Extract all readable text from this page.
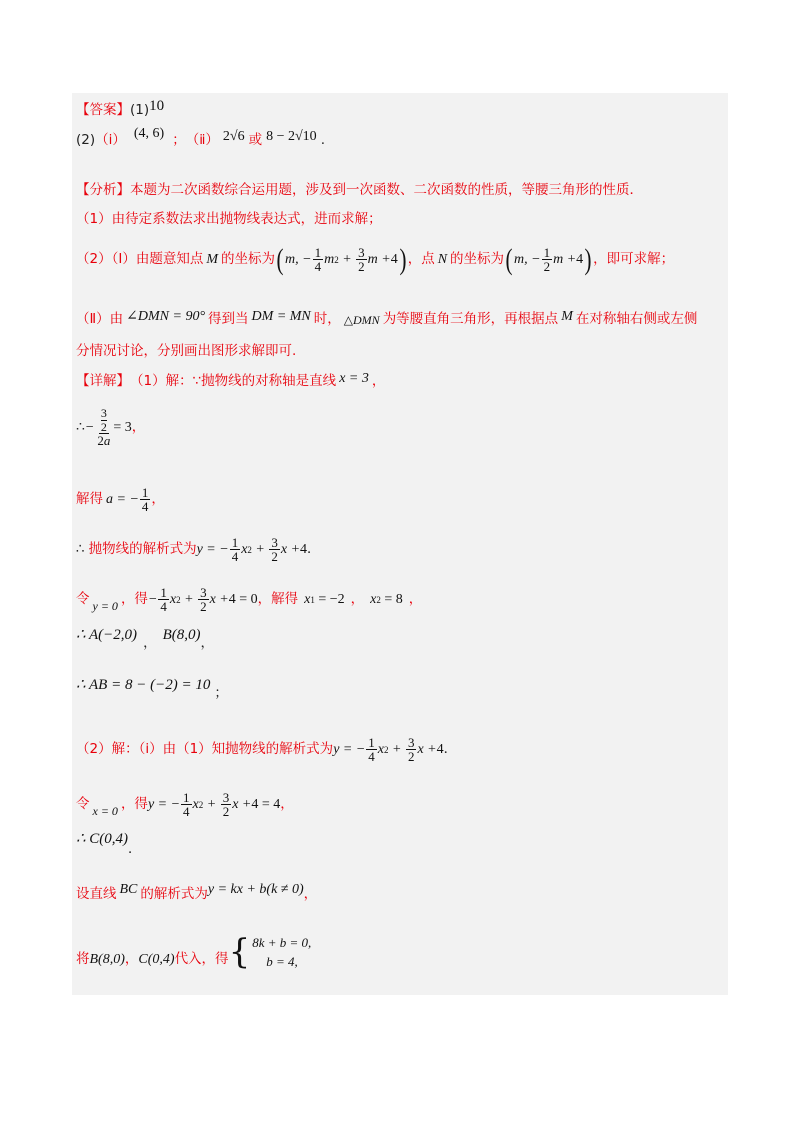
【答案】 (1) 10
(2) （ⅰ） (4, 6) ； （ⅱ） 2√6 或 8 − 2√10 .
【分析】 本题为二次函数综合运用题，涉及到一次函数、二次函数的性质，等腰三角形的性质．
（1）由待定系数法求出抛物线表达式，进而求解；
（2）（Ⅰ）由题意知点 M 的坐标为 ( m, − $\frac{1}{4}$ m $2 + \frac{3}{2}$ m + 4 ) ，点 N 的坐标为 ( m, − $\frac{1}{2}$ m + 4 ) ，即可求解；
（Ⅱ）由 ∠DMN = 90° 得到当 DM = MN 时， △DMN 为等腰直角三角形，再根据点 M 在对称轴右侧或左侧
分情况讨论，分别画出图形求解即可.
【详解】 （1）解：∵抛物线的对称轴是直线 x = 3 ，
∴ − 3
2
2a = 3 ，
解得 a = − $\frac{1}{4}$ ，
∴ 抛物线的解析式为 y = − $\frac{1}{4}$ x $2 + \frac{3}{2}$ x + 4 ．
令 y = 0 ，得 − $\frac{1}{4}$ x $2 + \frac{3}{2}$ x + 4 = 0 ，解得 x 1
= −2 ， x 2
= 8 ，
∴ A(−2,0) ， B(8,0) ，
∴ AB = 8 − (−2) = 10 ；
（2）解：（ⅰ）由（1）知抛物线的解析式为 y = − $\frac{1}{4}$ x $2 + \frac{3}{2}$ x + 4 ．
令 x = 0 ，得 y = − $\frac{1}{4}$ x $2 + \frac{3}{2}$ x + 4 = 4 ，
∴ C(0,4)
．
设直线 BC 的解析式为 y = kx + b(k ≠ 0) ，
将 B(8,0) ， C(0,4) 代入，得 { 8k + b = 0,
b = 4,
